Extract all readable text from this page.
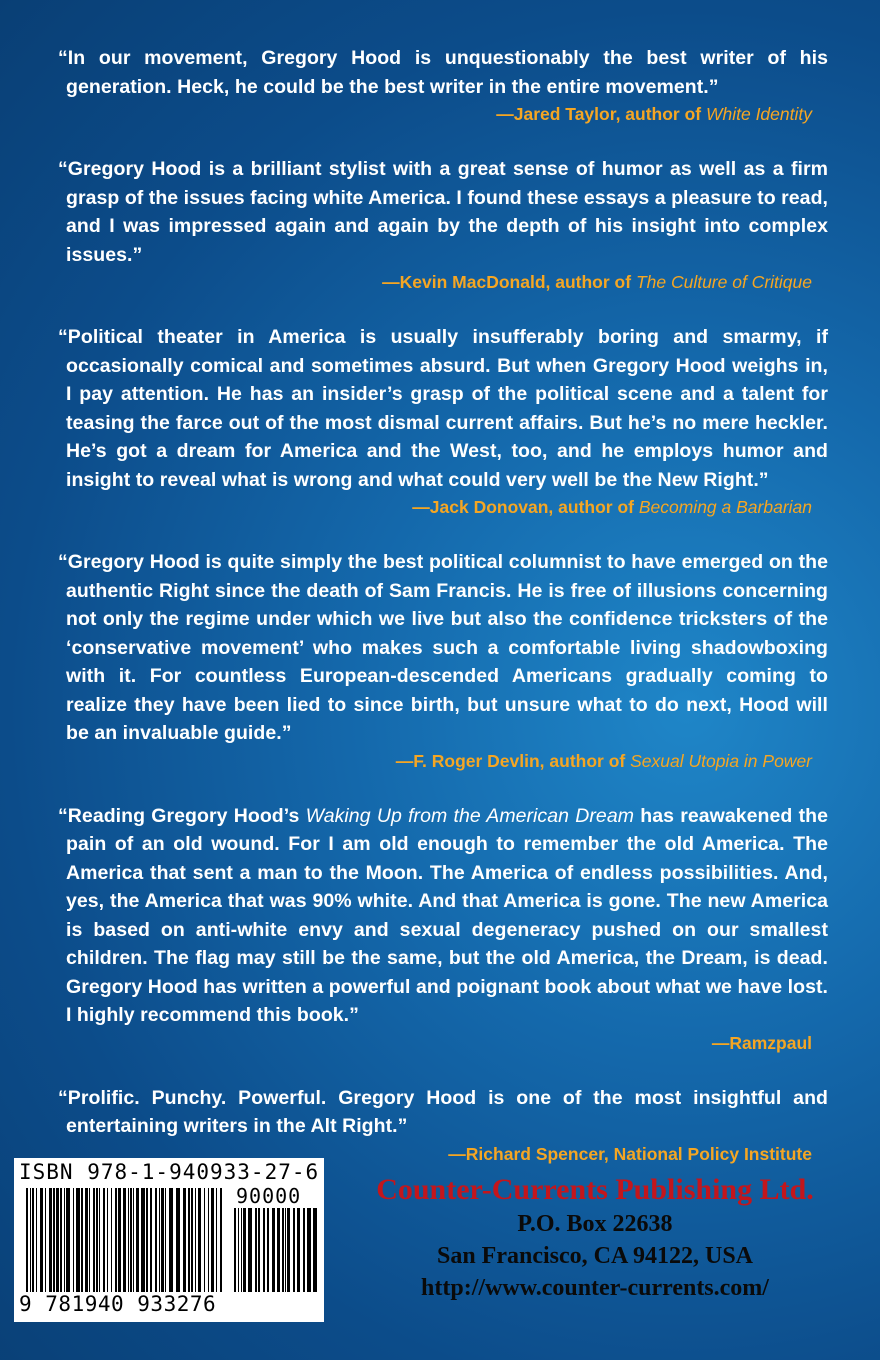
“In our movement, Gregory Hood is unquestionably the best writer of his generation. Heck, he could be the best writer in the entire movement.”

—Jared Taylor, author of White Identity

“Gregory Hood is a brilliant stylist with a great sense of humor as well as a firm grasp of the issues facing white America. I found these essays a pleasure to read, and I was impressed again and again by the depth of his insight into complex issues.”

—Kevin MacDonald, author of The Culture of Critique

“Political theater in America is usually insufferably boring and smarmy, if occasionally comical and sometimes absurd. But when Gregory Hood weighs in, I pay attention. He has an insider’s grasp of the political scene and a talent for teasing the farce out of the most dismal current affairs. But he’s no mere heckler. He’s got a dream for America and the West, too, and he employs humor and insight to reveal what is wrong and what could very well be the New Right.”

—Jack Donovan, author of Becoming a Barbarian

“Gregory Hood is quite simply the best political columnist to have emerged on the authentic Right since the death of Sam Francis. He is free of illusions concerning not only the regime under which we live but also the confidence tricksters of the ‘conservative movement’ who makes such a comfortable living shadowboxing with it. For countless European-descended Americans gradually coming to realize they have been lied to since birth, but unsure what to do next, Hood will be an invaluable guide.”

—F. Roger Devlin, author of Sexual Utopia in Power

“Reading Gregory Hood’s Waking Up from the American Dream has reawakened the pain of an old wound. For I am old enough to remember the old America. The America that sent a man to the Moon. The America of endless possibilities. And, yes, the America that was 90% white. And that America is gone. The new America is based on anti-white envy and sexual degeneracy pushed on our smallest children. The flag may still be the same, but the old America, the Dream, is dead. Gregory Hood has written a powerful and poignant book about what we have lost. I highly recommend this book.”

—Ramzpaul

“Prolific. Punchy. Powerful. Gregory Hood is one of the most insightful and entertaining writers in the Alt Right.”

—Richard Spencer, National Policy Institute

ISBN 978-1-940933-27-6
90000
9 781940 933276

Counter-Currents Publishing Ltd.

P.O. Box 22638

San Francisco, CA 94122, USA

http://www.counter-currents.com/
